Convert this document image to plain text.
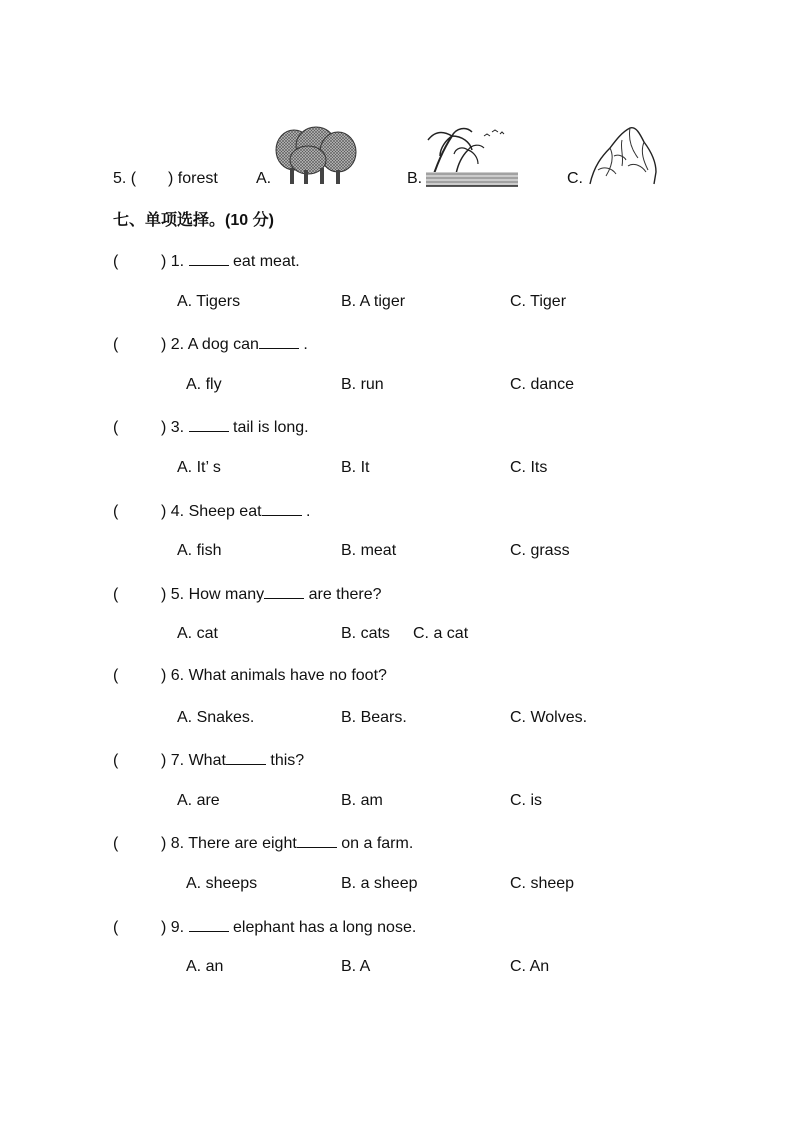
5. ( ) forest A.	B.	C.
七、单项选择。(10 分)
(	) 1.	eat meat.
A. Tigers	B. A tiger	C. Tiger
(	) 2. A dog can	.
A. fly	B. run	C. dance
(	) 3.	tail is long.
A. It’ s	B. It	C. Its
(	) 4. Sheep eat	.
A. fish	B. meat	C. grass
(	) 5. How many	are there?
A. cat	B. cats C. a cat
(	) 6. What animals have no foot?
A. Snakes.	B. Bears.	C. Wolves.
(	) 7. What	this?
A. are	B. am	C. is
(	) 8. There are eight	on a farm.
A. sheeps	B. a sheep	C. sheep
(	) 9.	elephant has a long nose.
A. an	B. A	C. An
